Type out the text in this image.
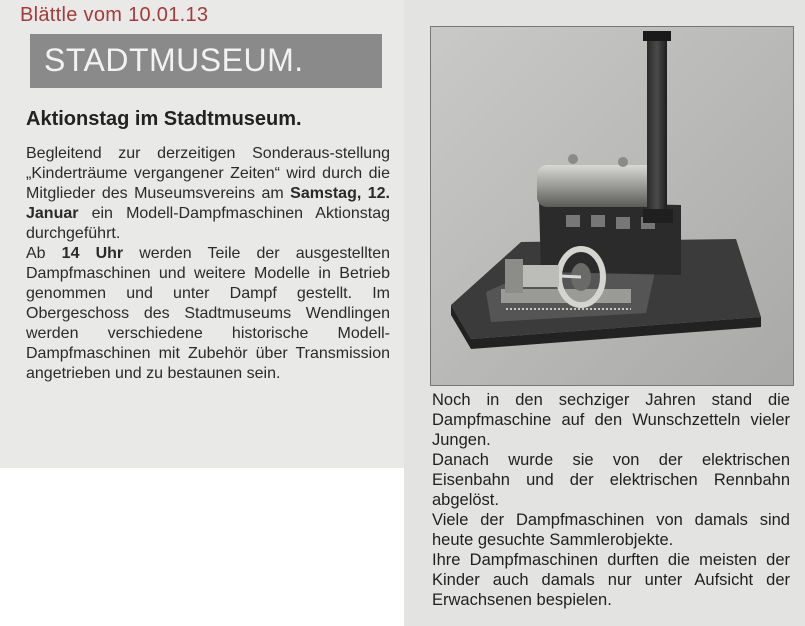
Blättle vom 10.01.13
STADTMUSEUM.
Aktionstag im Stadtmuseum.

Begleitend zur derzeitigen Sonderaus-stellung „Kinderträume vergangener Zeiten“ wird durch die Mitglieder des Museumsvereins am Samstag, 12. Januar ein Modell-Dampfmaschinen Aktionstag durchgeführt.

Ab 14 Uhr werden Teile der ausgestellten Dampfmaschinen und weitere Modelle in Betrieb genommen und unter Dampf gestellt. Im Obergeschoss des Stadtmuseums Wendlingen werden verschiedene historische Modell-Dampfmaschinen mit Zubehör über Transmission angetrieben und zu bestaunen sein.

Noch in den sechziger Jahren stand die Dampfmaschine auf den Wunschzetteln vieler Jungen.

Danach wurde sie von der elektrischen Eisenbahn und der elektrischen Rennbahn abgelöst.

Viele der Dampfmaschinen von damals sind heute gesuchte Sammlerobjekte.

Ihre Dampfmaschinen durften die meisten der Kinder auch damals nur unter Aufsicht der Erwachsenen bespielen.
